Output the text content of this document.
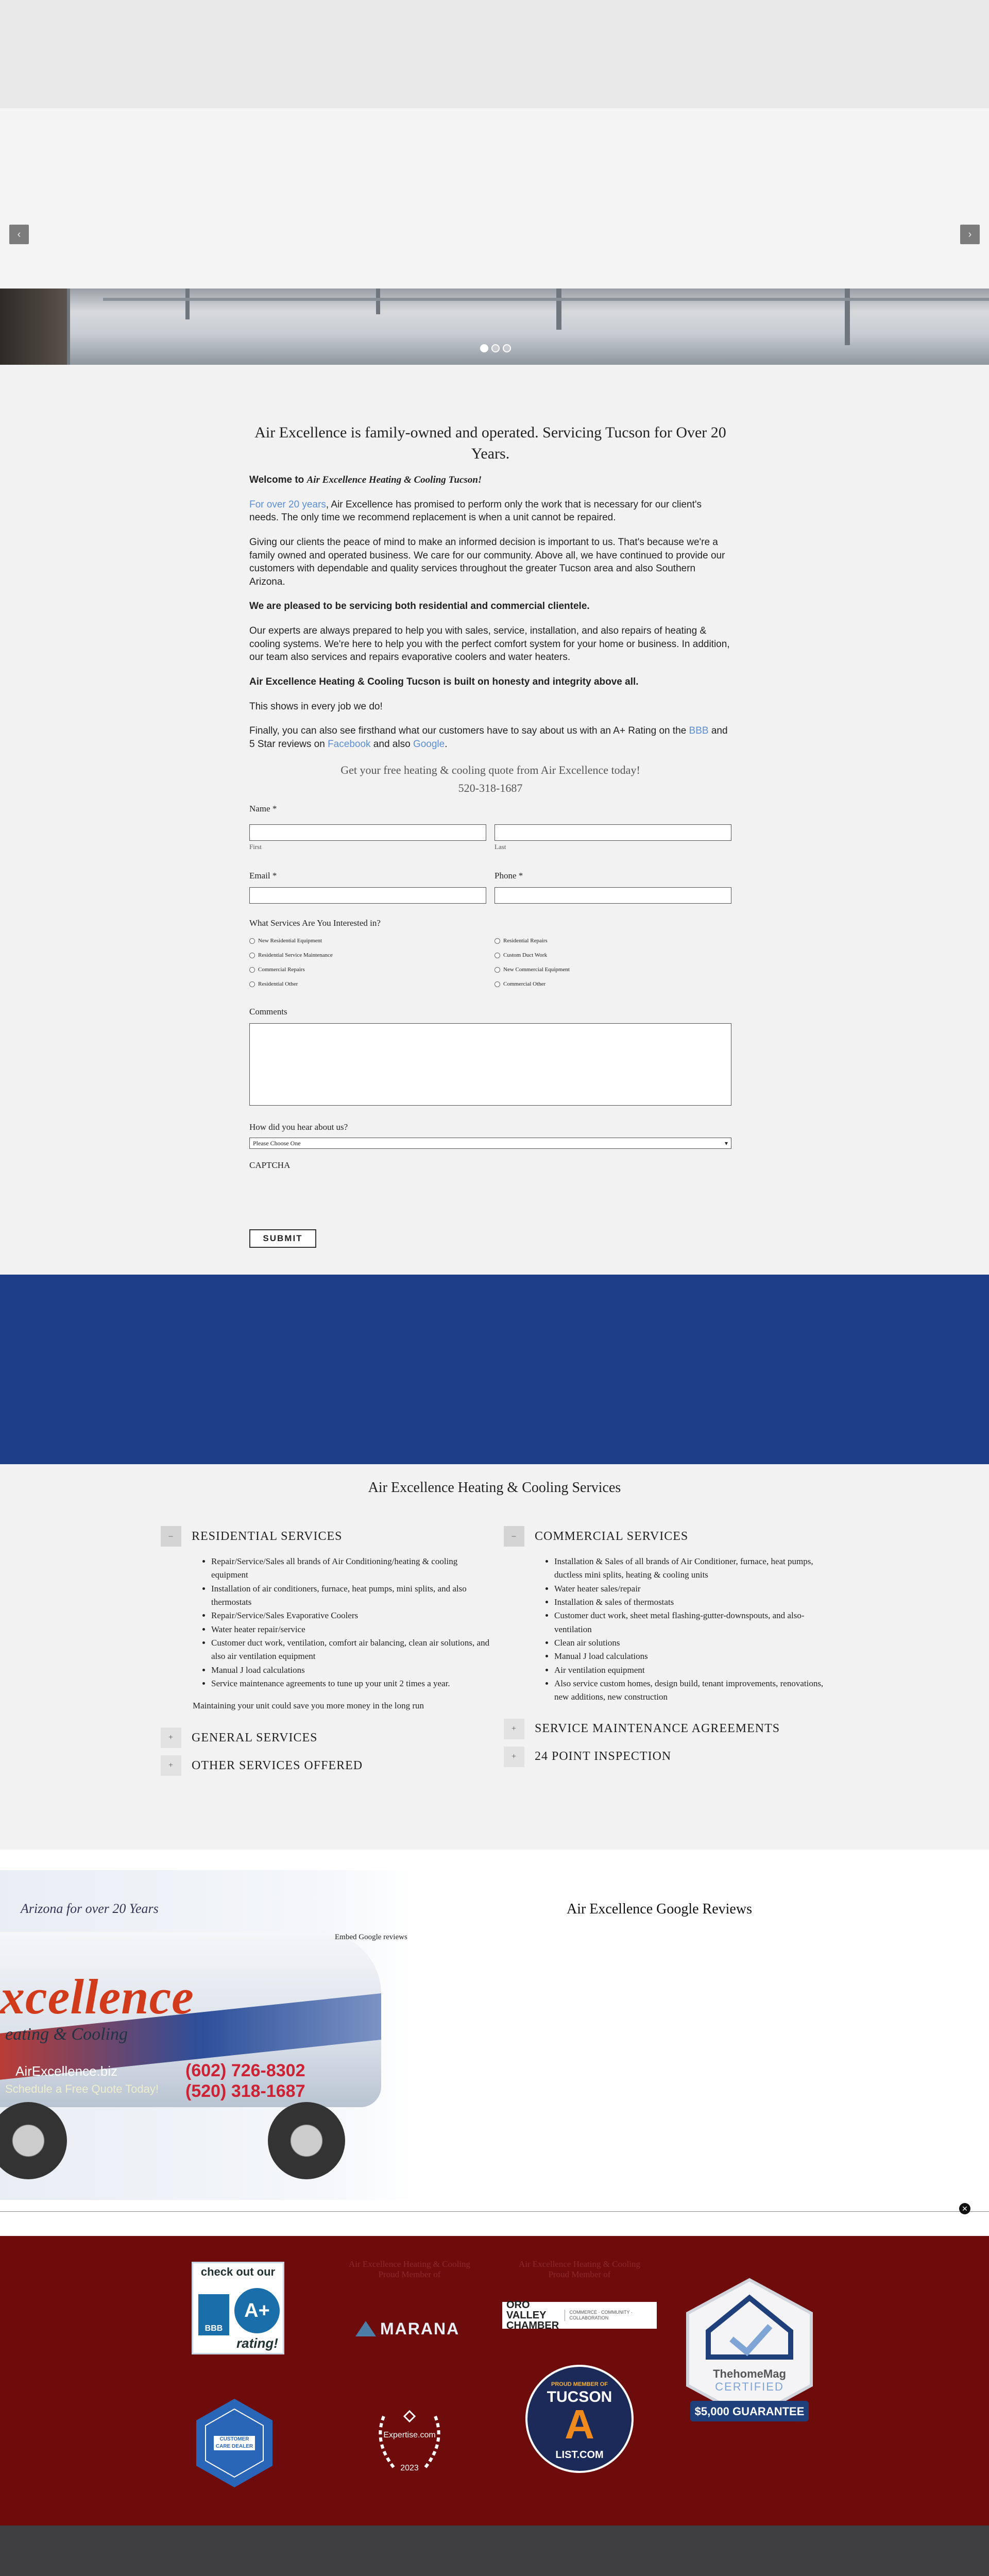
‹	›
Air Excellence is family-owned and operated. Servicing Tucson for Over 20 Years.

Welcome to Air Excellence Heating & Cooling Tucson!

For over 20 years, Air Excellence has promised to perform only the work that is necessary for our client's needs. The only time we recommend replacement is when a unit cannot be repaired.

Giving our clients the peace of mind to make an informed decision is important to us. That's because we're a family owned and operated business. We care for our community. Above all, we have continued to provide our customers with dependable and quality services throughout the greater Tucson area and also Southern Arizona.

We are pleased to be servicing both residential and commercial clientele.

Our experts are always prepared to help you with sales, service, installation, and also repairs of heating & cooling systems. We're here to help you with the perfect comfort system for your home or business. In addition, our team also services and repairs evaporative coolers and water heaters.

Air Excellence Heating & Cooling Tucson is built on honesty and integrity above all.

This shows in every job we do!

Finally, you can also see firsthand what our customers have to say about us with an A+ Rating on the BBB and 5 Star reviews on Facebook and also Google.

Get your free heating & cooling quote from Air Excellence today!
520-318-1687
Name *
First	Last
Email *	Phone *
What Services Are You Interested in?
New Residential Equipment
Residential Service Maintenance
Commercial Repairs
Residential Other
Residential Repairs
Custom Duct Work
New Commercial Equipment
Commercial Other
Comments
How did you hear about us?
Please Choose One	▾
CAPTCHA
SUBMIT
Air Excellence Heating & Cooling Services
–	RESIDENTIAL SERVICES
• Repair/Service/Sales all brands of Air Conditioning/heating & cooling equipment
• Installation of air conditioners, furnace, heat pumps, mini splits, and also thermostats
• Repair/Service/Sales Evaporative Coolers
• Water heater repair/service
• Customer duct work, ventilation, comfort air balancing, clean air solutions, and also air ventilation equipment
• Manual J load calculations
• Service maintenance agreements to tune up your unit 2 times a year.
Maintaining your unit could save you more money in the long run
+	GENERAL SERVICES
+	OTHER SERVICES OFFERED
–	COMMERCIAL SERVICES
• Installation & Sales of all brands of Air Conditioner, furnace, heat pumps, ductless mini splits, heating & cooling units
• Water heater sales/repair
• Installation & sales of thermostats
• Customer duct work, sheet metal flashing-gutter-downspouts, and also-ventilation
• Clean air solutions
• Manual J load calculations
• Air ventilation equipment
• Also service custom homes, design build, tenant improvements, renovations, new additions, new construction
+	SERVICE MAINTENANCE AGREEMENTS
+	24 POINT INSPECTION
Arizona for over 20 Years
xcellence
eating & Cooling
AirExcellence.biz
Schedule a Free Quote Today!
(602) 726-8302
(520) 318-1687
Air Excellence Google Reviews
Embed Google reviews
✕
check out our
BBB
A+
rating!
Air Excellence Heating & Cooling Proud Member of
MARANA
Air Excellence Heating & Cooling Proud Member of
ORO VALLEY
CHAMBER
COMMERCE · COMMUNITY · COLLABORATION
ThehomeMag
CERTIFIED
$5,000 GUARANTEE
CUSTOMER CARE DEALER
Expertise.com
2023
PROUD MEMBER OF
TUCSON
A
LIST.COM
